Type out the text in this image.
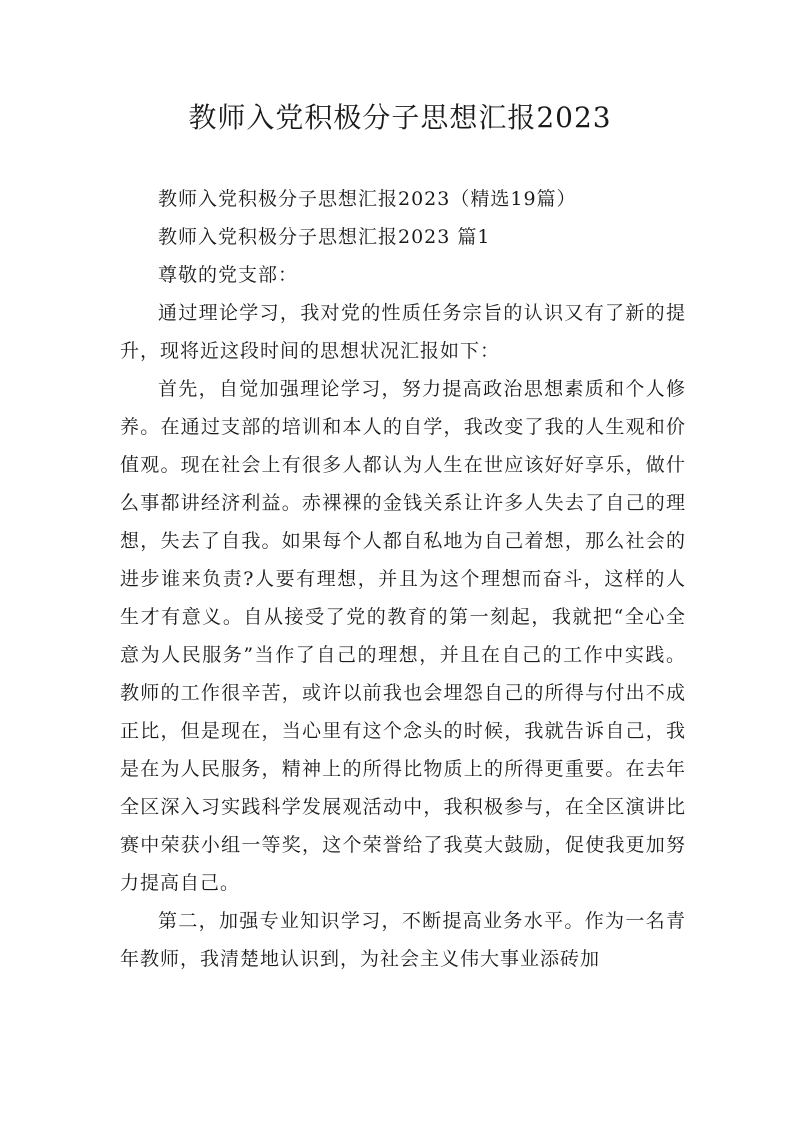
教师入党积极分子思想汇报2023

教师入党积极分子思想汇报2023（精选19篇）

教师入党积极分子思想汇报2023 篇1

尊敬的党支部：

通过理论学习，我对党的性质任务宗旨的认识又有了新的提升，现将近这段时间的思想状况汇报如下：

首先，自觉加强理论学习，努力提高政治思想素质和个人修养。在通过支部的培训和本人的自学，我改变了我的人生观和价值观。现在社会上有很多人都认为人生在世应该好好享乐，做什么事都讲经济利益。赤裸裸的金钱关系让许多人失去了自己的理想，失去了自我。如果每个人都自私地为自己着想，那么社会的进步谁来负责?人要有理想，并且为这个理想而奋斗，这样的人生才有意义。自从接受了党的教育的第一刻起，我就把“全心全意为人民服务”当作了自己的理想，并且在自己的工作中实践。教师的工作很辛苦，或许以前我也会埋怨自己的所得与付出不成正比，但是现在，当心里有这个念头的时候，我就告诉自己，我是在为人民服务，精神上的所得比物质上的所得更重要。在去年全区深入习实践科学发展观活动中，我积极参与，在全区演讲比赛中荣获小组一等奖，这个荣誉给了我莫大鼓励，促使我更加努力提高自己。

第二，加强专业知识学习，不断提高业务水平。作为一名青年教师，我清楚地认识到，为社会主义伟大事业添砖加
